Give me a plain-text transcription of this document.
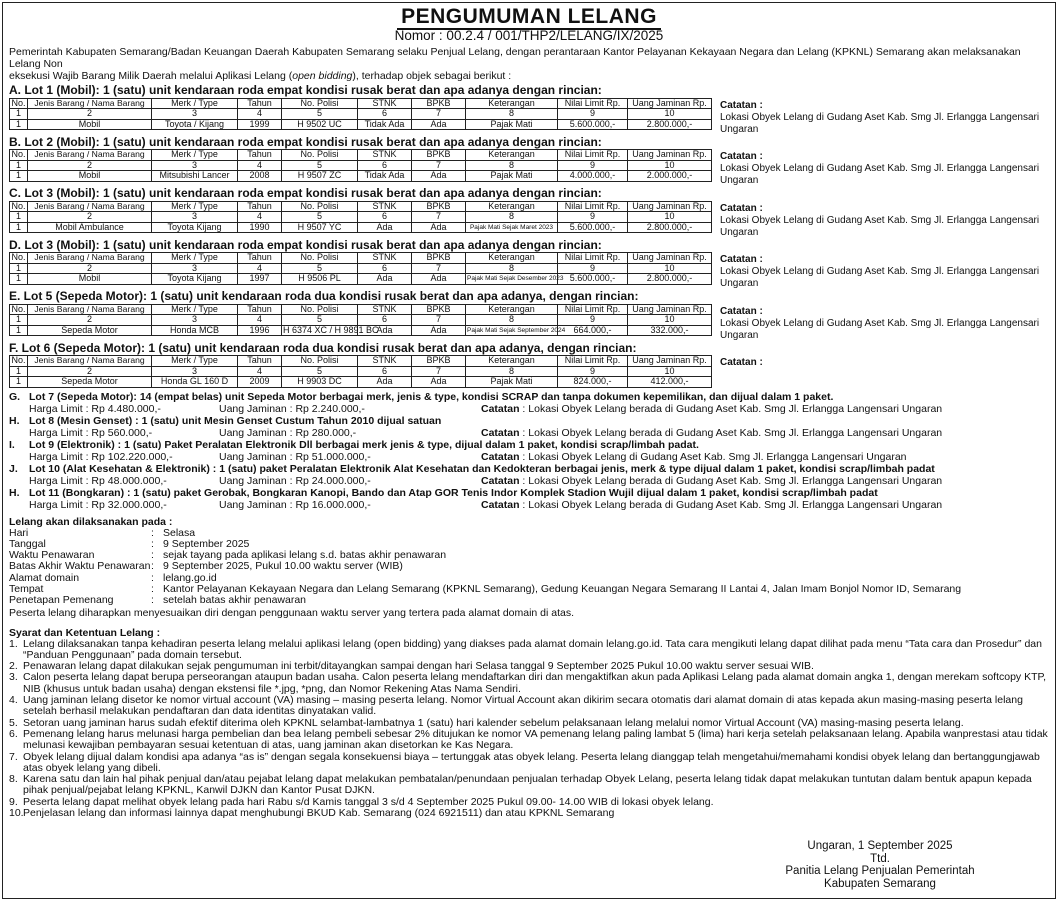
PENGUMUMAN LELANG
Nomor : 00.2.4 / 001/THP2/LELANG/IX/2025
Pemerintah Kabupaten Semarang/Badan Keuangan Daerah Kabupaten Semarang selaku Penjual Lelang, dengan perantaraan Kantor Pelayanan Kekayaan Negara dan Lelang (KPKNL) Semarang akan melaksanakan Lelang Non
eksekusi Wajib Barang Milik Daerah melalui Aplikasi Lelang (open bidding), terhadap objek sebagai berikut :
A. Lot 1 (Mobil): 1 (satu) unit kendaraan roda empat kondisi rusak berat dan apa adanya dengan rincian:
No.	Jenis Barang / Nama Barang	Merk / Type	Tahun	No. Polisi	STNK	BPKB	Keterangan	Nilai Limit Rp.	Uang Jaminan Rp.
1	2	3	4	5	6	7	8	9	10
1	Mobil	Toyota / Kijang	1999	H 9502 UC	Tidak Ada	Ada	Pajak Mati	5.600.000,-	2.800.000,-
Catatan :
Lokasi Obyek Lelang di Gudang Aset Kab. Smg Jl. Erlangga Langensari Ungaran
B. Lot 2 (Mobil): 1 (satu) unit kendaraan roda empat kondisi rusak berat dan apa adanya dengan rincian:
No.	Jenis Barang / Nama Barang	Merk / Type	Tahun	No. Polisi	STNK	BPKB	Keterangan	Nilai Limit Rp.	Uang Jaminan Rp.
1	2	3	4	5	6	7	8	9	10
1	Mobil	Mitsubishi Lancer	2008	H 9507 ZC	Tidak Ada	Ada	Pajak Mati	4.000.000,-	2.000.000,-
Catatan :
Lokasi Obyek Lelang di Gudang Aset Kab. Smg Jl. Erlangga Langensari Ungaran
C. Lot 3 (Mobil): 1 (satu) unit kendaraan roda empat kondisi rusak berat dan apa adanya dengan rincian:
No.	Jenis Barang / Nama Barang	Merk / Type	Tahun	No. Polisi	STNK	BPKB	Keterangan	Nilai Limit Rp.	Uang Jaminan Rp.
1	2	3	4	5	6	7	8	9	10
1	Mobil Ambulance	Toyota Kijang	1990	H 9507 YC	Ada	Ada	Pajak Mati Sejak Maret 2023	5.600.000,-	2.800.000,-
Catatan :
Lokasi Obyek Lelang di Gudang Aset Kab. Smg Jl. Erlangga Langensari Ungaran
D. Lot 3 (Mobil): 1 (satu) unit kendaraan roda empat kondisi rusak berat dan apa adanya dengan rincian:
No.	Jenis Barang / Nama Barang	Merk / Type	Tahun	No. Polisi	STNK	BPKB	Keterangan	Nilai Limit Rp.	Uang Jaminan Rp.
1	2	3	4	5	6	7	8	9	10
1	Mobil	Toyota Kijang	1997	H 9506 PL	Ada	Ada	Pajak Mati Sejak Desember 2023	5.600.000,-	2.800.000,-
Catatan :
Lokasi Obyek Lelang di Gudang Aset Kab. Smg Jl. Erlangga Langensari Ungaran
E. Lot 5 (Sepeda Motor): 1 (satu) unit kendaraan roda dua kondisi rusak berat dan apa adanya, dengan rincian:
No.	Jenis Barang / Nama Barang	Merk / Type	Tahun	No. Polisi	STNK	BPKB	Keterangan	Nilai Limit Rp.	Uang Jaminan Rp.
1	2	3	4	5	6	7	8	9	10
1	Sepeda Motor	Honda MCB	1996	H 6374 XC / H 9891 BC	Ada	Ada	Pajak Mati Sejak September 2024	664.000,-	332.000,-
Catatan :
Lokasi Obyek Lelang di Gudang Aset Kab. Smg Jl. Erlangga Langensari Ungaran
F. Lot 6 (Sepeda Motor): 1 (satu) unit kendaraan roda dua kondisi rusak berat dan apa adanya, dengan rincian:
No.	Jenis Barang / Nama Barang	Merk / Type	Tahun	No. Polisi	STNK	BPKB	Keterangan	Nilai Limit Rp.	Uang Jaminan Rp.
1	2	3	4	5	6	7	8	9	10
1	Sepeda Motor	Honda GL 160 D	2009	H 9903 DC	Ada	Ada	Pajak Mati	824.000,-	412.000,-
Catatan :

G. Lot 7 (Sepeda Motor): 14 (empat belas) unit Sepeda Motor berbagai merk, jenis & type, kondisi SCRAP dan tanpa dokumen kepemilikan, dan dijual dalam 1 paket.
Harga Limit : Rp 4.480.000,-	Uang Jaminan : Rp 2.240.000,-	Catatan : Lokasi Obyek Lelang berada di Gudang Aset Kab. Smg Jl. Erlangga Langensari Ungaran
H. Lot 8 (Mesin Genset) : 1 (satu) unit Mesin Genset Custum Tahun 2010 dijual satuan
Harga Limit : Rp 560.000,-	Uang Jaminan : Rp 280.000,-	Catatan : Lokasi Obyek Lelang berada di Gudang Aset Kab. Smg Jl. Erlangga Langensari Ungaran
I.	Lot 9 (Elektronik) : 1 (satu) Paket Peralatan Elektronik Dll berbagai merk jenis & type, dijual dalam 1 paket, kondisi scrap/limbah padat.
Harga Limit : Rp 102.220.000,-	Uang Jaminan : Rp 51.000.000,-	Catatan : Lokasi Obyek Lelang di Gudang Aset Kab. Smg Jl. Erlangga Langensari Ungaran
J.	Lot 10 (Alat Kesehatan & Elektronik) : 1 (satu) paket Peralatan Elektronik Alat Kesehatan dan Kedokteran berbagai jenis, merk & type dijual dalam 1 paket, kondisi scrap/limbah padat
Harga Limit : Rp 48.000.000,-	Uang Jaminan : Rp 24.000.000,-	Catatan : Lokasi Obyek Lelang berada di Gudang Aset Kab. Smg Jl. Erlangga Langensari Ungaran
H. Lot 11 (Bongkaran) : 1 (satu) paket Gerobak, Bongkaran Kanopi, Bando dan Atap GOR Tenis Indor Komplek Stadion Wujil dijual dalam 1 paket, kondisi scrap/limbah padat
Harga Limit : Rp 32.000.000,-	Uang Jaminan : Rp 16.000.000,-	Catatan : Lokasi Obyek Lelang berada di Gudang Aset Kab. Smg Jl. Erlangga Langensari Ungaran
Lelang akan dilaksanakan pada :
Hari	: Selasa
Tanggal	: 9 September 2025
Waktu Penawaran	: sejak tayang pada aplikasi lelang s.d. batas akhir penawaran
Batas Akhir Waktu Penawaran : 9 September 2025, Pukul 10.00 waktu server (WIB)
Alamat domain	: lelang.go.id
Tempat	: Kantor Pelayanan Kekayaan Negara dan Lelang Semarang (KPKNL Semarang), Gedung Keuangan Negara Semarang II Lantai 4, Jalan Imam Bonjol Nomor ID, Semarang
Penetapan Pemenang	: setelah batas akhir penawaran
Peserta lelang diharapkan menyesuaikan diri dengan penggunaan waktu server yang tertera pada alamat domain di atas.
Syarat dan Ketentuan Lelang :
1. Lelang dilaksanakan tanpa kehadiran peserta lelang melalui aplikasi lelang (open bidding) yang diakses pada alamat domain lelang.go.id. Tata cara mengikuti lelang dapat dilihat pada menu “Tata cara dan Prosedur” dan “Panduan Penggunaan” pada domain tersebut.
2. Penawaran lelang dapat dilakukan sejak pengumuman ini terbit/ditayangkan sampai dengan hari Selasa tanggal 9 September 2025 Pukul 10.00 waktu server sesuai WIB.
3. Calon peserta lelang dapat berupa perseorangan ataupun badan usaha. Calon peserta lelang mendaftarkan diri dan mengaktifkan akun pada Aplikasi Lelang pada alamat domain angka 1, dengan merekam softcopy KTP, NIB (khusus untuk badan usaha) dengan ekstensi file *.jpg, *png, dan Nomor Rekening Atas Nama Sendiri.
4. Uang jaminan lelang disetor ke nomor virtual account (VA) masing – masing peserta lelang. Nomor Virtual Account akan dikirim secara otomatis dari alamat domain di atas kepada akun masing-masing peserta lelang setelah berhasil melakukan pendaftaran dan data identitas dinyatakan valid.
5. Setoran uang jaminan harus sudah efektif diterima oleh KPKNL selambat-lambatnya 1 (satu) hari kalender sebelum pelaksanaan lelang melalui nomor Virtual Account (VA) masing-masing peserta lelang.
6. Pemenang lelang harus melunasi harga pembelian dan bea lelang pembeli sebesar 2% ditujukan ke nomor VA pemenang lelang paling lambat 5 (lima) hari kerja setelah pelaksanaan lelang. Apabila wanprestasi atau tidak melunasi kewajiban pembayaran sesuai ketentuan di atas, uang jaminan akan disetorkan ke Kas Negara.
7. Obyek lelang dijual dalam kondisi apa adanya “as is” dengan segala konsekuensi biaya – tertunggak atas obyek lelang. Peserta lelang dianggap telah mengetahui/memahami kondisi obyek lelang dan bertanggungjawab atas obyek lelang yang dibeli.
8. Karena satu dan lain hal pihak penjual dan/atau pejabat lelang dapat melakukan pembatalan/penundaan penjualan terhadap Obyek Lelang, peserta lelang tidak dapat melakukan tuntutan dalam bentuk apapun kepada pihak penjual/pejabat lelang KPKNL, Kanwil DJKN dan Kantor Pusat DJKN.
9. Peserta lelang dapat melihat obyek lelang pada hari Rabu s/d Kamis tanggal 3 s/d 4 September 2025 Pukul 09.00- 14.00 WIB di lokasi obyek lelang.
10. Penjelasan lelang dan informasi lainnya dapat menghubungi BKUD Kab. Semarang (024 6921511) dan atau KPKNL Semarang
Ungaran, 1 September 2025
Ttd.
Panitia Lelang Penjualan Pemerintah
Kabupaten Semarang
